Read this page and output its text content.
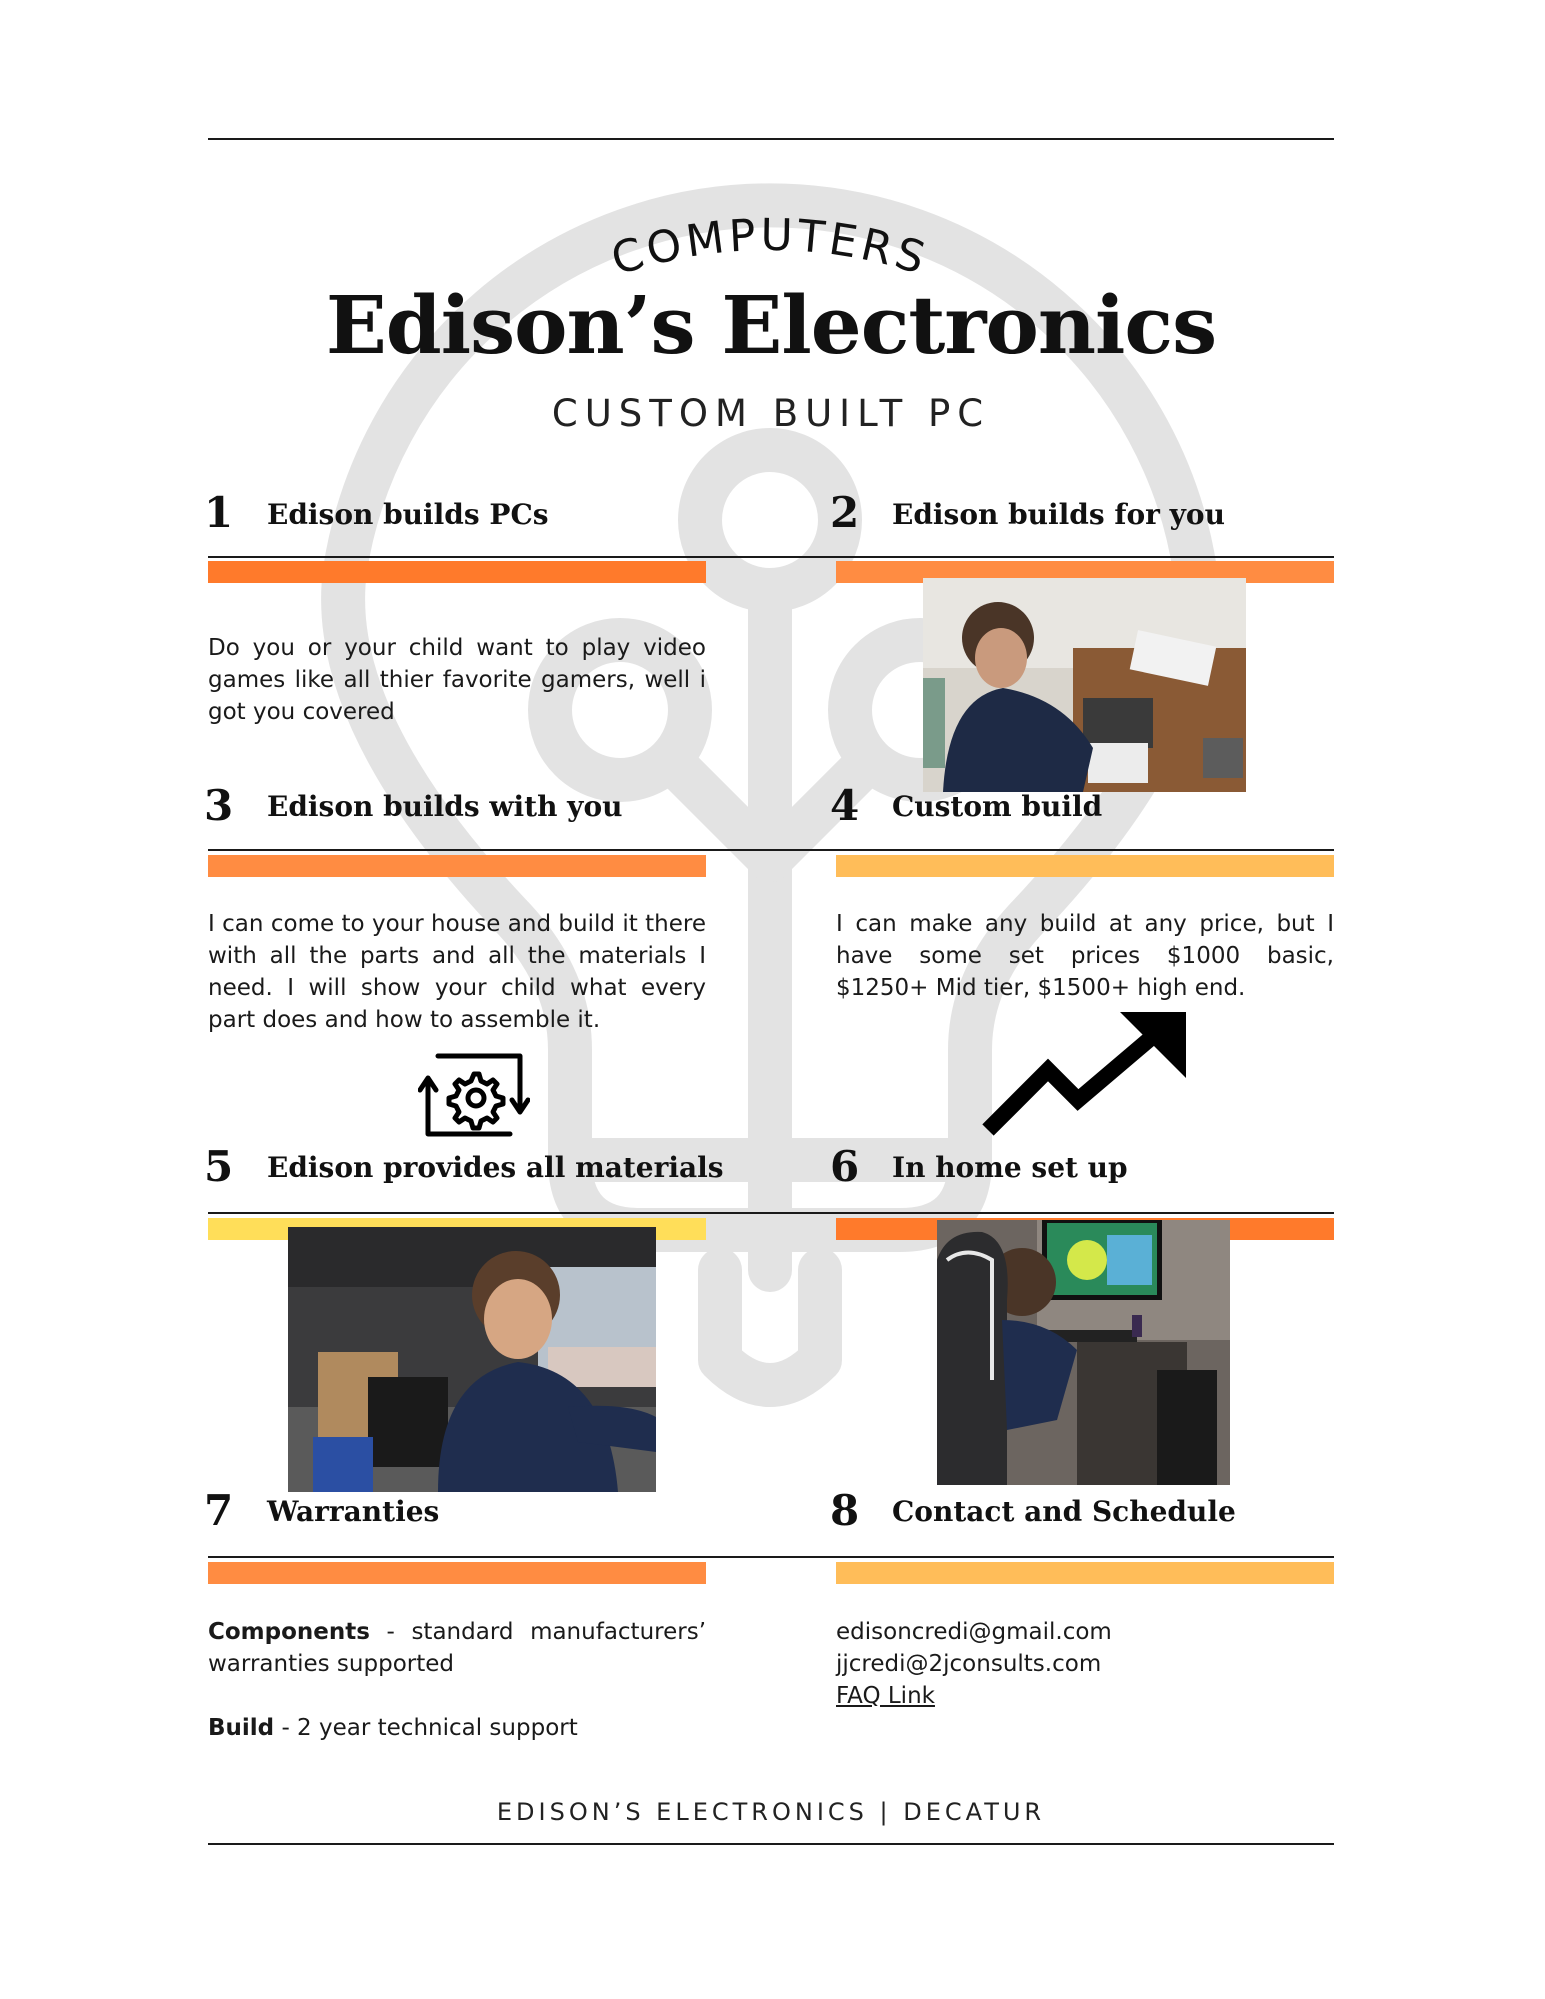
COMPUTERS
Edison’s Electronics
CUSTOM BUILT PC
1 Edison builds PCs	2 Edison builds for you
Do you or your child want to play video games like all thier favorite gamers, well i got you covered
3 Edison builds with you	4 Custom build
I can come to your house and build it there with all the parts and all the materials I need. I will show your child what every part does and how to assemble it.
I can make any build at any price, but I have some set prices $1000 basic, $1250+ Mid tier, $1500+ high end.
5 Edison provides all materials	6 In home set up
7 Warranties	8 Contact and Schedule
Components - standard manufacturers’ warranties supported
Build - 2 year technical support
edisoncredi@gmail.com
jjcredi@2jconsults.com
FAQ Link
EDISON’S ELECTRONICS | DECATUR
